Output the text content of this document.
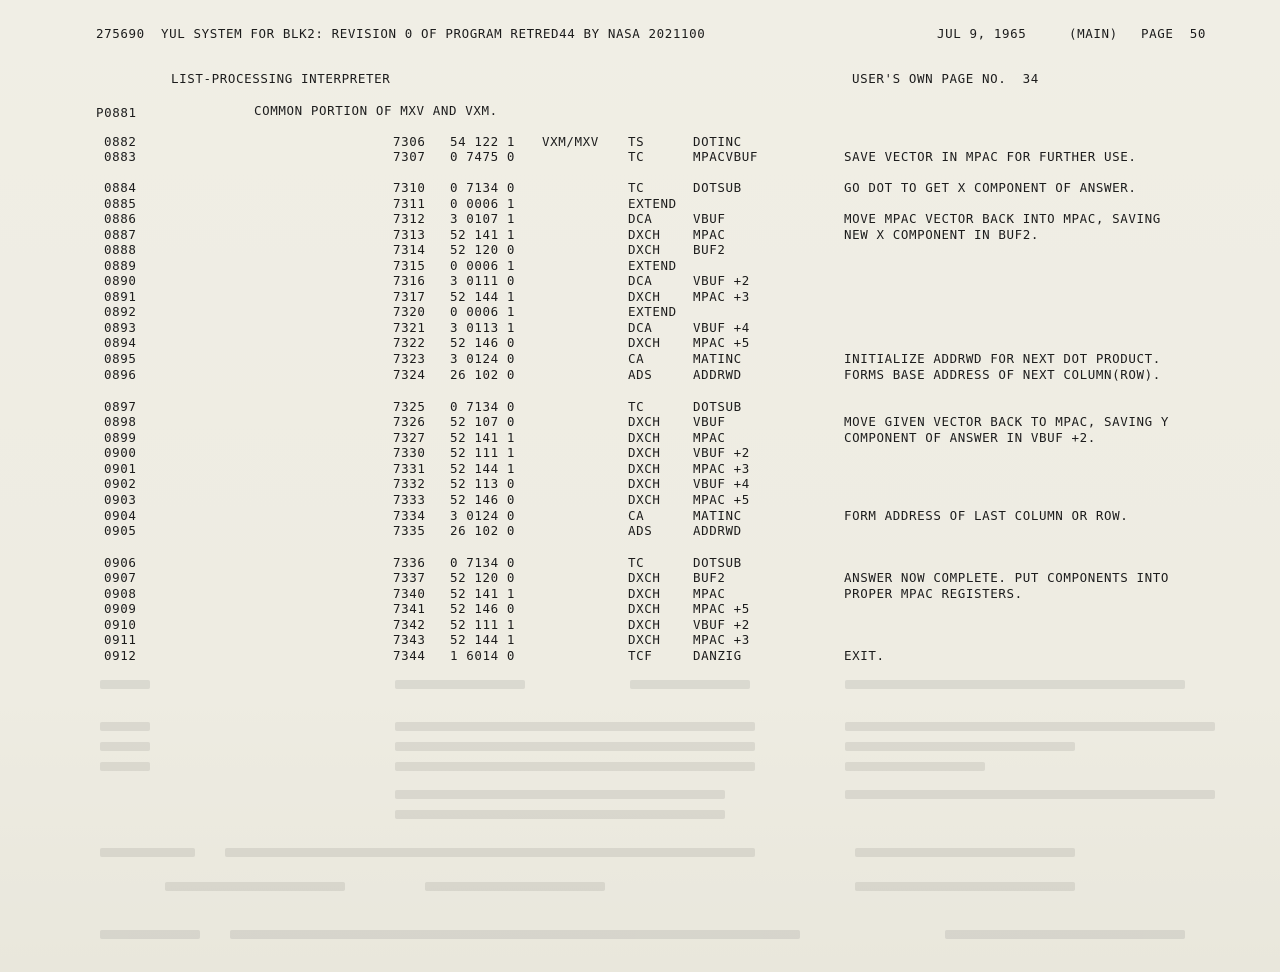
275690  YUL SYSTEM FOR BLK2: REVISION 0 OF PROGRAM RETRED44 BY NASA 2021100	JUL 9, 1965	(MAIN) PAGE  50
LIST-PROCESSING INTERPRETER	USER'S OWN PAGE NO.  34
P0881	COMMON PORTION OF MXV AND VXM.
0882	7306 54 122 1 VXM/MXV TS	DOTINC
0883	7307 0 7475 0	TC	MPACVBUF	SAVE VECTOR IN MPAC FOR FURTHER USE.
0884	7310 0 7134 0	TC	DOTSUB	GO DOT TO GET X COMPONENT OF ANSWER.
0885	7311 0 0006 1	EXTEND
0886	7312 3 0107 1	DCA	VBUF	MOVE MPAC VECTOR BACK INTO MPAC, SAVING
0887	7313 52 141 1	DXCH	MPAC	NEW X COMPONENT IN BUF2.
0888	7314 52 120 0	DXCH	BUF2
0889	7315 0 0006 1	EXTEND
0890	7316 3 0111 0	DCA	VBUF +2
0891	7317 52 144 1	DXCH	MPAC +3
0892	7320 0 0006 1	EXTEND
0893	7321 3 0113 1	DCA	VBUF +4
0894	7322 52 146 0	DXCH	MPAC +5
0895	7323 3 0124 0	CA	MATINC	INITIALIZE ADDRWD FOR NEXT DOT PRODUCT.
0896	7324 26 102 0	ADS	ADDRWD	FORMS BASE ADDRESS OF NEXT COLUMN(ROW).
0897	7325 0 7134 0	TC	DOTSUB
0898	7326 52 107 0	DXCH	VBUF	MOVE GIVEN VECTOR BACK TO MPAC, SAVING Y
0899	7327 52 141 1	DXCH	MPAC	COMPONENT OF ANSWER IN VBUF +2.
0900	7330 52 111 1	DXCH	VBUF +2
0901	7331 52 144 1	DXCH	MPAC +3
0902	7332 52 113 0	DXCH	VBUF +4
0903	7333 52 146 0	DXCH	MPAC +5
0904	7334 3 0124 0	CA	MATINC	FORM ADDRESS OF LAST COLUMN OR ROW.
0905	7335 26 102 0	ADS	ADDRWD
0906	7336 0 7134 0	TC	DOTSUB
0907	7337 52 120 0	DXCH	BUF2	ANSWER NOW COMPLETE. PUT COMPONENTS INTO
0908	7340 52 141 1	DXCH	MPAC	PROPER MPAC REGISTERS.
0909	7341 52 146 0	DXCH	MPAC +5
0910	7342 52 111 1	DXCH	VBUF +2
0911	7343 52 144 1	DXCH	MPAC +3
0912	7344 1 6014 0	TCF	DANZIG	EXIT.
